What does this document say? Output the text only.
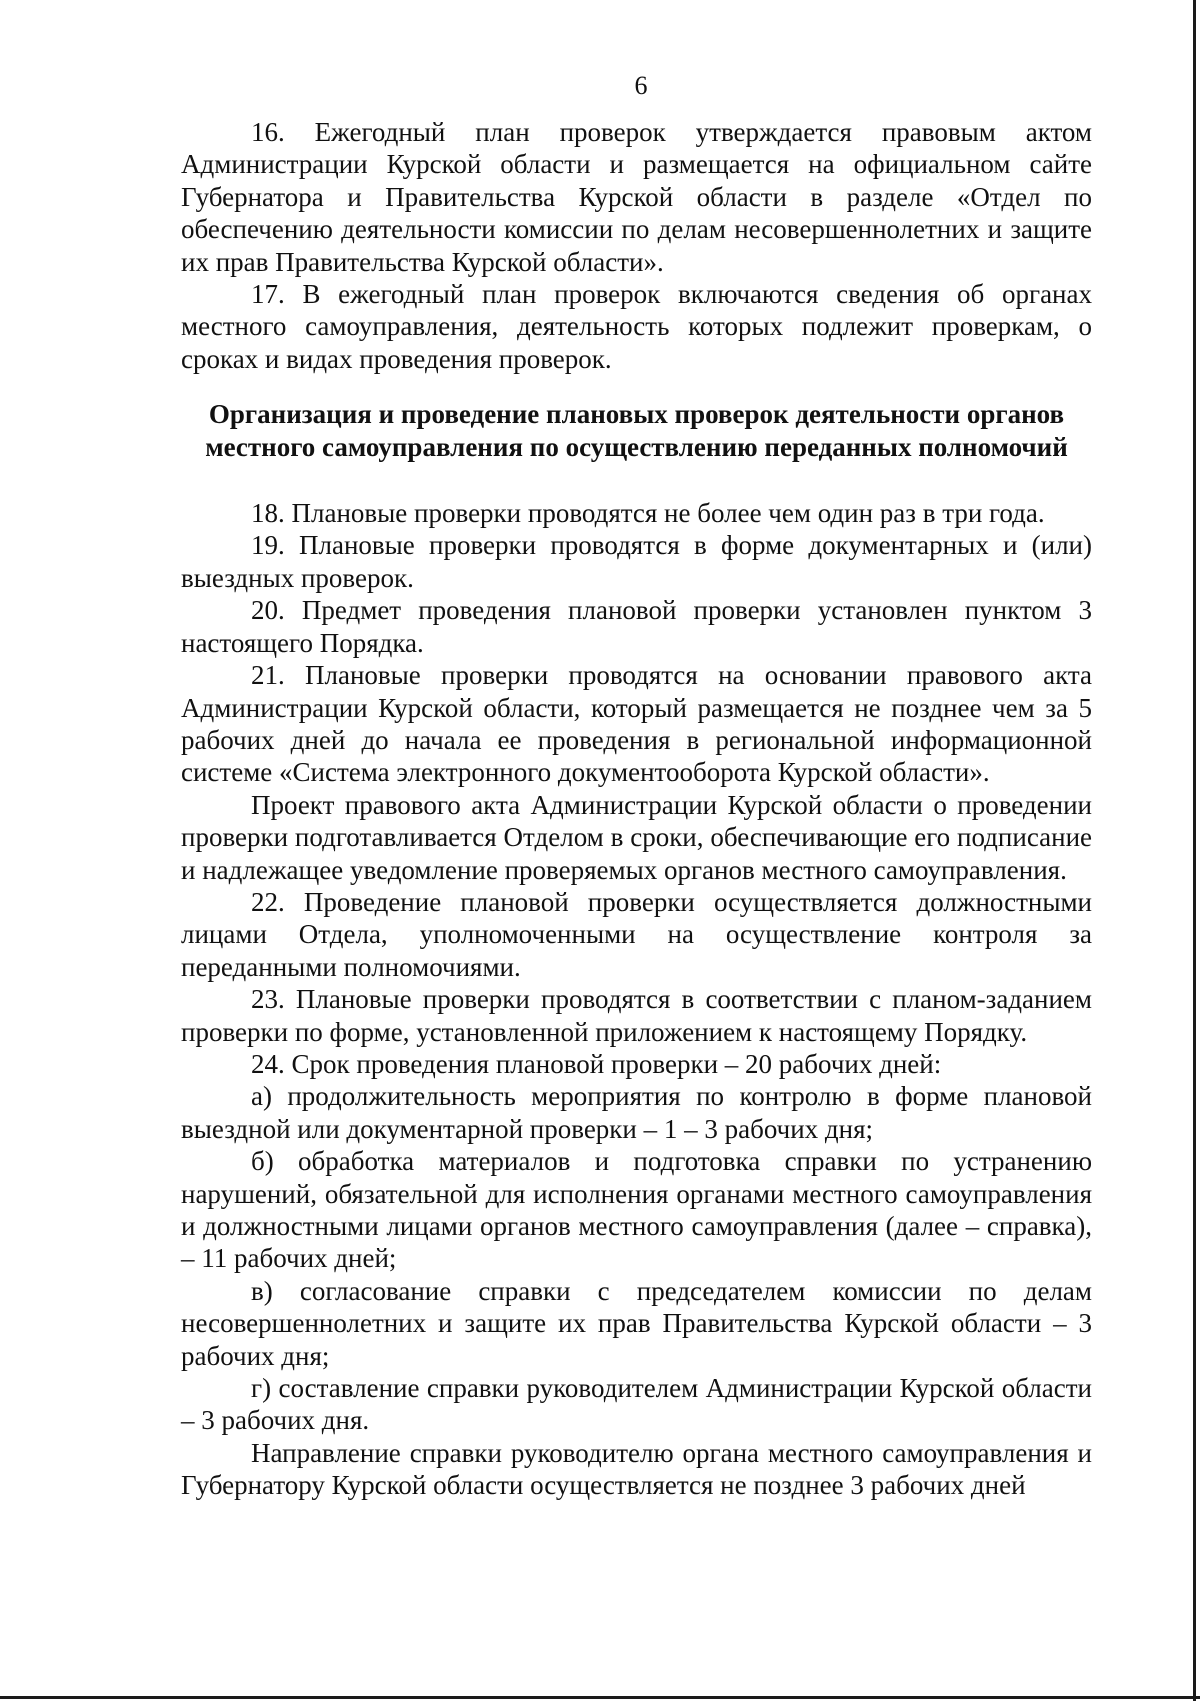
6

16. Ежегодный план проверок утверждается правовым актом Администрации Курской области и размещается на официальном сайте Губернатора и Правительства Курской области в разделе «Отдел по обеспечению деятельности комиссии по делам несовершеннолетних и защите их прав Правительства Курской области».

17. В ежегодный план проверок включаются сведения об органах местного самоуправления, деятельность которых подлежит проверкам, о сроках и видах проведения проверок.

Организация и проведение плановых проверок деятельности органов
местного самоуправления по осуществлению переданных полномочий

18. Плановые проверки проводятся не более чем один раз в три года.

19. Плановые проверки проводятся в форме документарных и (или) выездных проверок.

20. Предмет проведения плановой проверки установлен пунктом 3 настоящего Порядка.

21. Плановые проверки проводятся на основании правового акта Администрации Курской области, который размещается не позднее чем за 5 рабочих дней до начала ее проведения в региональной информационной системе «Система электронного документооборота Курской области».

Проект правового акта Администрации Курской области о проведении проверки подготавливается Отделом в сроки, обеспечивающие его подписание и надлежащее уведомление проверяемых органов местного самоуправления.

22. Проведение плановой проверки осуществляется должностными лицами Отдела, уполномоченными на осуществление контроля за переданными полномочиями.

23. Плановые проверки проводятся в соответствии с планом-заданием проверки по форме, установленной приложением к настоящему Порядку.

24. Срок проведения плановой проверки – 20 рабочих дней:

а) продолжительность мероприятия по контролю в форме плановой выездной или документарной проверки – 1 – 3 рабочих дня;

б) обработка материалов и подготовка справки по устранению нарушений, обязательной для исполнения органами местного самоуправления и должностными лицами органов местного самоуправления (далее – справка), – 11 рабочих дней;

в) согласование справки с председателем комиссии по делам несовершеннолетних и защите их прав Правительства Курской области – 3 рабочих дня;

г) составление справки руководителем Администрации Курской области – 3 рабочих дня.

Направление справки руководителю органа местного самоуправления и Губернатору Курской области осуществляется не позднее 3 рабочих дней
